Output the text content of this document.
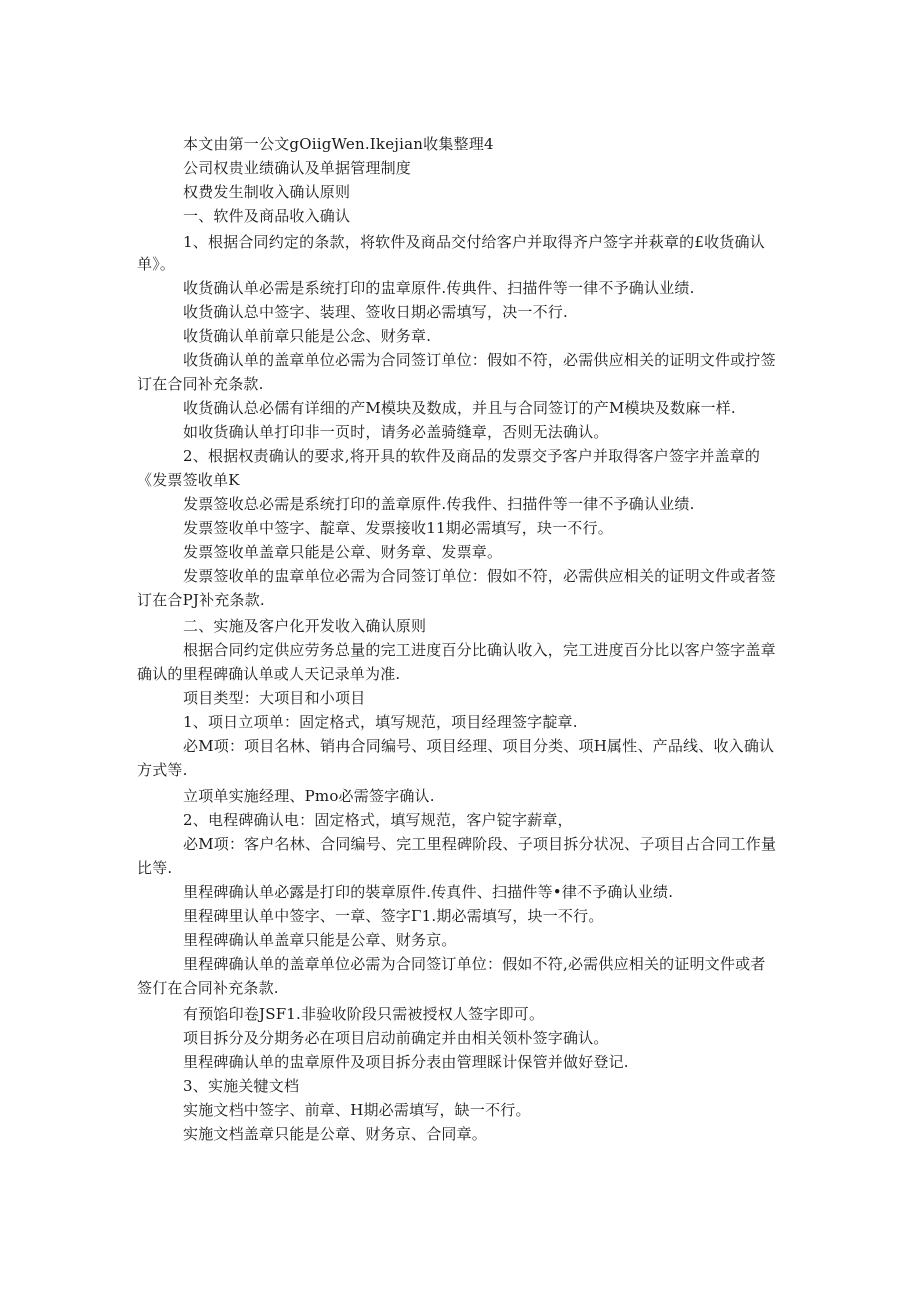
本文由第一公文gOiigWen.Ikejian收集整理4
公司权贵业绩确认及单据管理制度
权费发生制收入确认原则
一、软件及商品收入确认
1、根据合同约定的条款，将软件及商品交付给客户并取得齐户签字并萩章的£收货确认
单》。
收货确认单必需是系统打印的盅章原件.传典件、扫描件等一律不予确认业绩.
收货确认总中签字、装理、签收日期必需填写，决一不行.
收货确认单前章只能是公念、财务章.
收货确认单的盖章单位必需为合同签订单位：假如不符，必需供应相关的证明文件或拧签
订在合同补充条款.
收货确认总必儒有详细的产M模块及数成，并且与合同签订的产M模块及数麻一样.
如收货确认单打印非一页时，请务必盖骑缝章，否则无法确认。
2、根据权责确认的要求,将开具的软件及商品的发票交予客户并取得客户签字并盖章的
《发票签收单K
发票签收总必需是系统打印的盖章原件.传我件、扫描件等一律不予确认业绩.
发票签收单中签字、靛章、发票接收11期必需填写，玦一不行。
发票签收单盖章只能是公章、财务章、发票章。
发票签收单的盅章单位必需为合同签订单位：假如不符，必需供应相关的证明文件或者签
订在合PJ补充条款.
二、实施及客户化开发收入确认原则
根据合同约定供应劳务总量的完工进度百分比确认收入，完工进度百分比以客户签字盖章
确认的里程碑确认单或人天记录单为准.
项目类型：大项目和小项目
1、项日立项单：固定格式，填写规范，项目经理签字靛章.
必M项：项目名林、销冉合同编号、项目经理、项目分类、项H属性、产品线、收入确认
方式等.
立项单实施经理、Pmo必需签字确认.
2、电程碑确认电：固定格式，填写规范，客户锭字薪章，
必M项：客户名林、合同编号、完工里程碑阶段、子项目拆分状况、子项目占合同工作量
比等.
里程碑确认单必露是打印的裝章原件.传真件、扫描件等•律不予确认业绩.
里程碑里认单中签字、一章、签字Γ1.期必需填写，块一不行。
里程碑确认单盖章只能是公章、财务京。
里程碑确认单的盖章单位必需为合同签订单位：假如不符,必需供应相关的证明文件或者
签仃在合同补充条款.
有预馅印卷JSF1.非验收阶段只需被授权人签字即可。
项目拆分及分期务必在项目启动前确定并由相关领朴签字确认。
里程碑确认单的盅章原件及项目拆分表由管理睬计保管并做好登记.
3、实施关犍文档
实施文档中签字、前章、H期必需填写，缺一不行。
实施文档盖章只能是公章、财务京、合同章。
